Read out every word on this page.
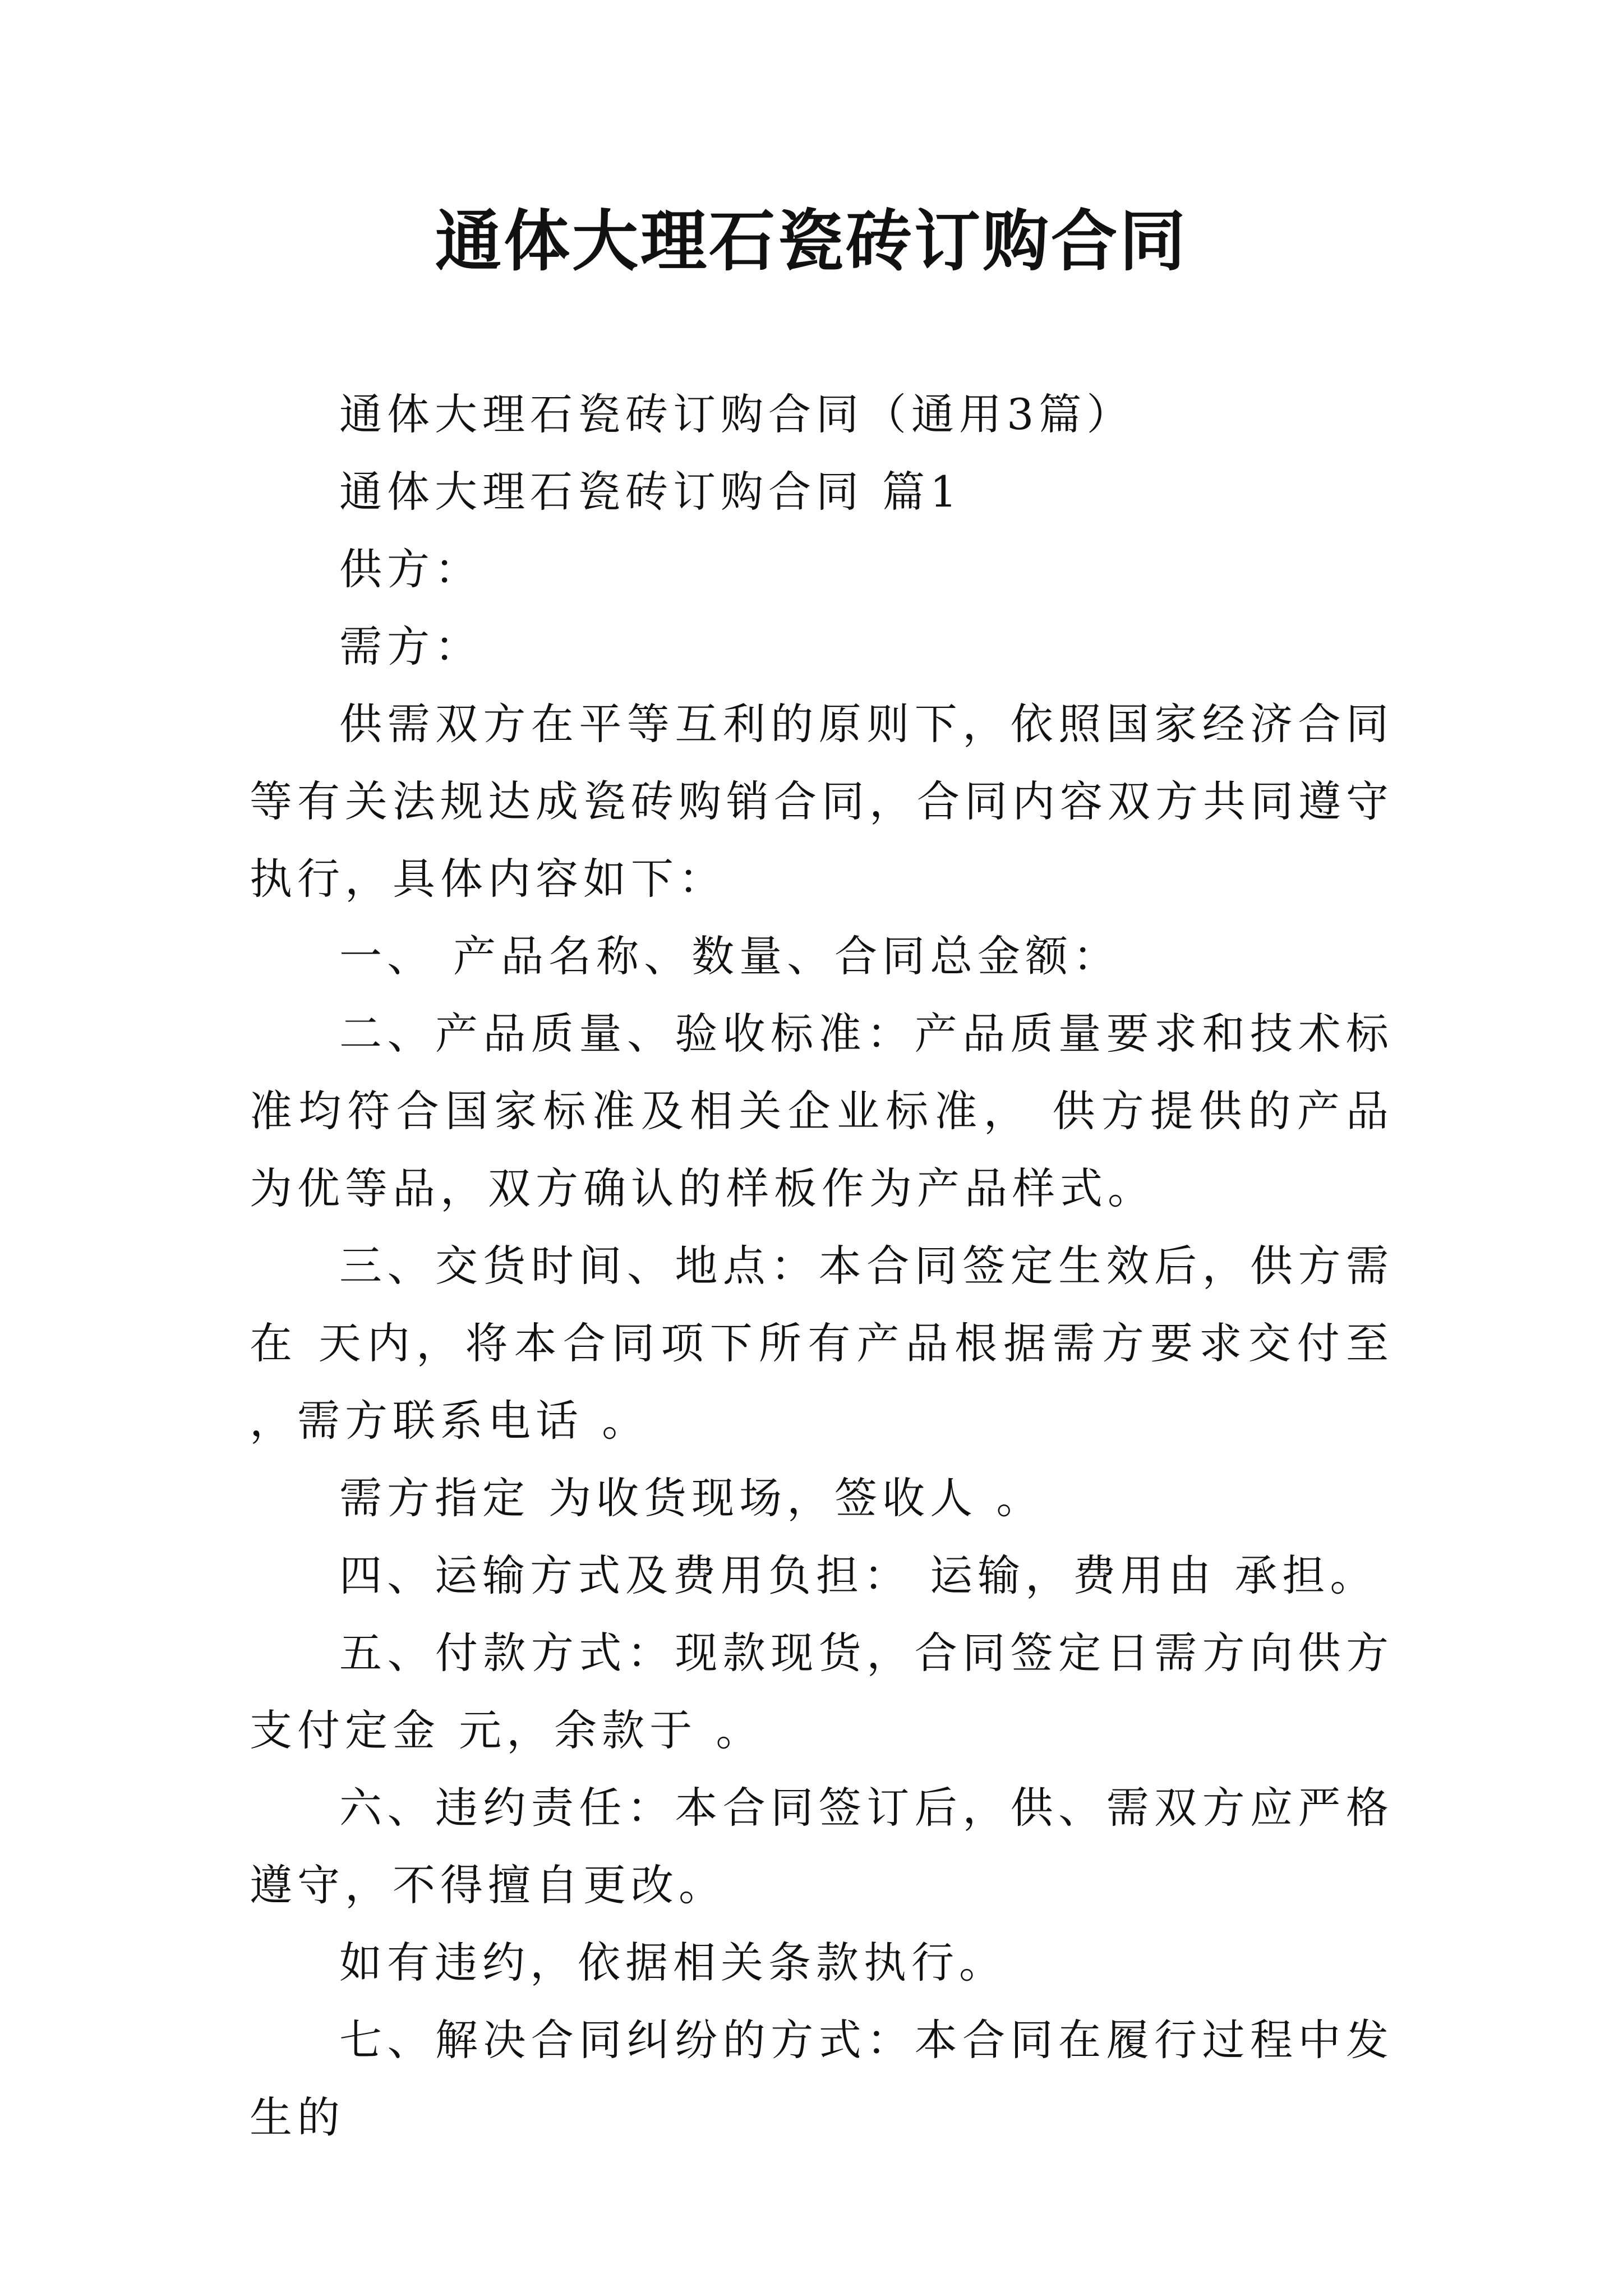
通体大理石瓷砖订购合同

通体大理石瓷砖订购合同（通用3篇）

通体大理石瓷砖订购合同 篇1

供方：

需方：

供需双方在平等互利的原则下，依照国家经济合同等有关法规达成瓷砖购销合同，合同内容双方共同遵守执行，具体内容如下：

一、 产品名称、数量、合同总金额：

二、产品质量、验收标准：产品质量要求和技术标准均符合国家标准及相关企业标准， 供方提供的产品为优等品，双方确认的样板作为产品样式。

三、交货时间、地点：本合同签定生效后，供方需在 天内，将本合同项下所有产品根据需方要求交付至 ，需方联系电话 。

需方指定 为收货现场，签收人 。

四、运输方式及费用负担： 运输，费用由 承担。

五、付款方式：现款现货，合同签定日需方向供方支付定金 元，余款于 。

六、违约责任：本合同签订后，供、需双方应严格遵守，不得擅自更改。

如有违约，依据相关条款执行。

七、解决合同纠纷的方式：本合同在履行过程中发生的
